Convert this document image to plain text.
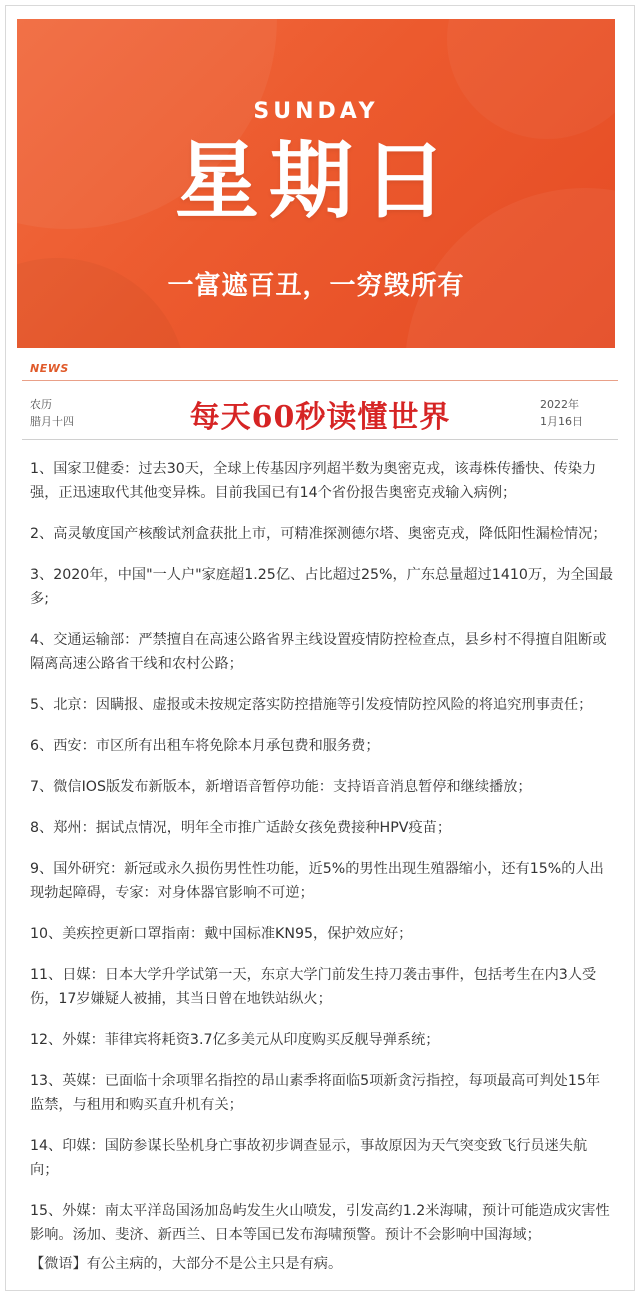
SUNDAY
星期日
一富遮百丑，一穷毁所有
NEWS
农历
腊月十四	每天60秒读懂世界	2022年
1月16日
1、国家卫健委：过去30天，全球上传基因序列超半数为奥密克戎，该毒株传播快、传染力强，正迅速取代其他变异株。目前我国已有14个省份报告奥密克戎输入病例；
2、高灵敏度国产核酸试剂盒获批上市，可精准探测德尔塔、奥密克戎，降低阳性漏检情况；
3、2020年，中国"一人户"家庭超1.25亿、占比超过25%，广东总量超过1410万，为全国最多;
4、交通运输部：严禁擅自在高速公路省界主线设置疫情防控检查点，县乡村不得擅自阻断或隔离高速公路省干线和农村公路；
5、北京：因瞒报、虚报或未按规定落实防控措施等引发疫情防控风险的将追究刑事责任；
6、西安：市区所有出租车将免除本月承包费和服务费；
7、微信IOS版发布新版本，新增语音暂停功能：支持语音消息暂停和继续播放；
8、郑州：据试点情况，明年全市推广适龄女孩免费接种HPV疫苗；
9、国外研究：新冠或永久损伤男性性功能，近5%的男性出现生殖器缩小，还有15%的人出现勃起障碍，专家：对身体器官影响不可逆；
10、美疾控更新口罩指南：戴中国标准KN95，保护效应好；
11、日媒：日本大学升学试第一天，东京大学门前发生持刀袭击事件，包括考生在内3人受伤，17岁嫌疑人被捕，其当日曾在地铁站纵火；
12、外媒：菲律宾将耗资3.7亿多美元从印度购买反舰导弹系统；
13、英媒：已面临十余项罪名指控的昂山素季将面临5项新贪污指控，每项最高可判处15年监禁，与租用和购买直升机有关；
14、印媒：国防参谋长坠机身亡事故初步调查显示，事故原因为天气突变致飞行员迷失航向；
15、外媒：南太平洋岛国汤加岛屿发生火山喷发，引发高约1.2米海啸，预计可能造成灾害性影响。汤加、斐济、新西兰、日本等国已发布海啸预警。预计不会影响中国海域；
【微语】有公主病的，大部分不是公主只是有病。
